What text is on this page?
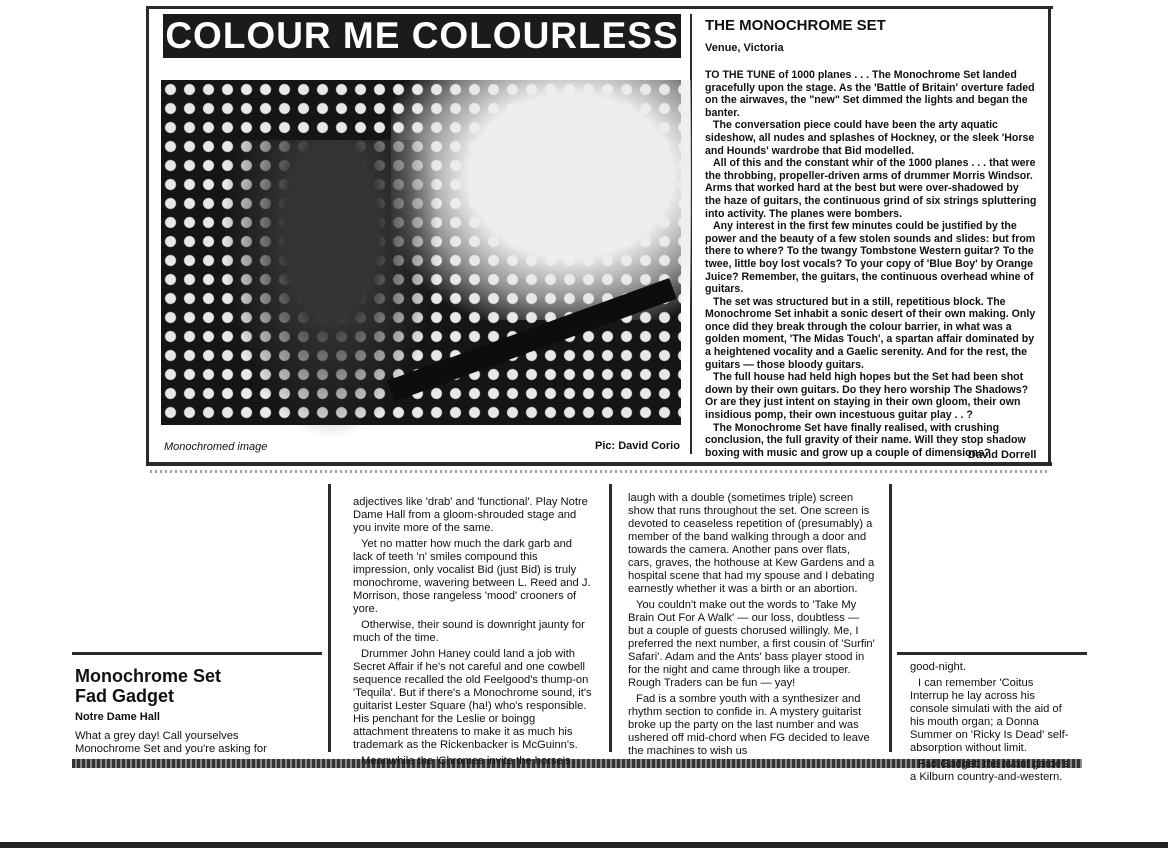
COLOUR ME COLOURLESS
Monochromed image	Pic: David Corio
THE MONOCHROME SET
Venue, Victoria

TO THE TUNE of 1000 planes . . . The Monochrome Set landed gracefully upon the stage. As the 'Battle of Britain' overture faded on the airwaves, the "new" Set dimmed the lights and began the banter.

The conversation piece could have been the arty aquatic sideshow, all nudes and splashes of Hockney, or the sleek 'Horse and Hounds' wardrobe that Bid modelled.

All of this and the constant whir of the 1000 planes . . . that were the throbbing, propeller-driven arms of drummer Morris Windsor. Arms that worked hard at the best but were over-shadowed by the haze of guitars, the continuous grind of six strings spluttering into activity. The planes were bombers.

Any interest in the first few minutes could be justified by the power and the beauty of a few stolen sounds and slides: but from there to where? To the twangy Tombstone Western guitar? To the twee, little boy lost vocals? To your copy of 'Blue Boy' by Orange Juice? Remember, the guitars, the continuous overhead whine of guitars.

The set was structured but in a still, repetitious block. The Monochrome Set inhabit a sonic desert of their own making. Only once did they break through the colour barrier, in what was a golden moment, 'The Midas Touch', a spartan affair dominated by a heightened vocality and a Gaelic serenity. And for the rest, the guitars — those bloody guitars.

The full house had held high hopes but the Set had been shot down by their own guitars. Do they hero worship The Shadows? Or are they just intent on staying in their own gloom, their own insidious pomp, their own incestuous guitar play . . ?

The Monochrome Set have finally realised, with crushing conclusion, the full gravity of their name. Will they stop shadow boxing with music and grow up a couple of dimensions?

David Dorrell
Monochrome Set
Fad Gadget
Notre Dame Hall

What a grey day! Call yourselves Monochrome Set and you're asking for

adjectives like 'drab' and 'functional'. Play Notre Dame Hall from a gloom-shrouded stage and you invite more of the same.

Yet no matter how much the dark garb and lack of teeth 'n' smiles compound this impression, only vocalist Bid (just Bid) is truly monochrome, wavering between L. Reed and J. Morrison, those rangeless 'mood' crooners of yore.

Otherwise, their sound is downright jaunty for much of the time.

Drummer John Haney could land a job with Secret Affair if he's not careful and one cowbell sequence recalled the old Feelgood's thump-on 'Tequila'. But if there's a Monochrome sound, it's guitarist Lester Square (ha!) who's responsible. His penchant for the Leslie or boingg attachment threatens to make it as much his trademark as the Rickenbacker is McGuinn's.

Meanwhile the 'Chromes invite the horse's

laugh with a double (sometimes triple) screen show that runs throughout the set. One screen is devoted to ceaseless repetition of (presumably) a member of the band walking through a door and towards the camera. Another pans over flats, cars, graves, the hothouse at Kew Gardens and a hospital scene that had my spouse and I debating earnestly whether it was a birth or an abortion.

You couldn't make out the words to 'Take My Brain Out For A Walk' — our loss, doubtless — but a couple of guests chorused willingly. Me, I preferred the next number, a first cousin of 'Surfin' Safari'. Adam and the Ants' bass player stood in for the night and came through like a trouper. Rough Traders can be fun — yay!

Fad is a sombre youth with a synthesizer and rhythm section to confide in. A mystery guitarist broke up the party on the last number and was ushered off mid-chord when FG decided to leave the machines to wish us

good-night.

I can remember 'Coitus Interrup he lay across his console simulati with the aid of his mouth organ; a Donna Summer on 'Ricky Is Dead' self-absorption without limit.

Fad Gadget: the avant garde's a Kilburn country-and-western.
